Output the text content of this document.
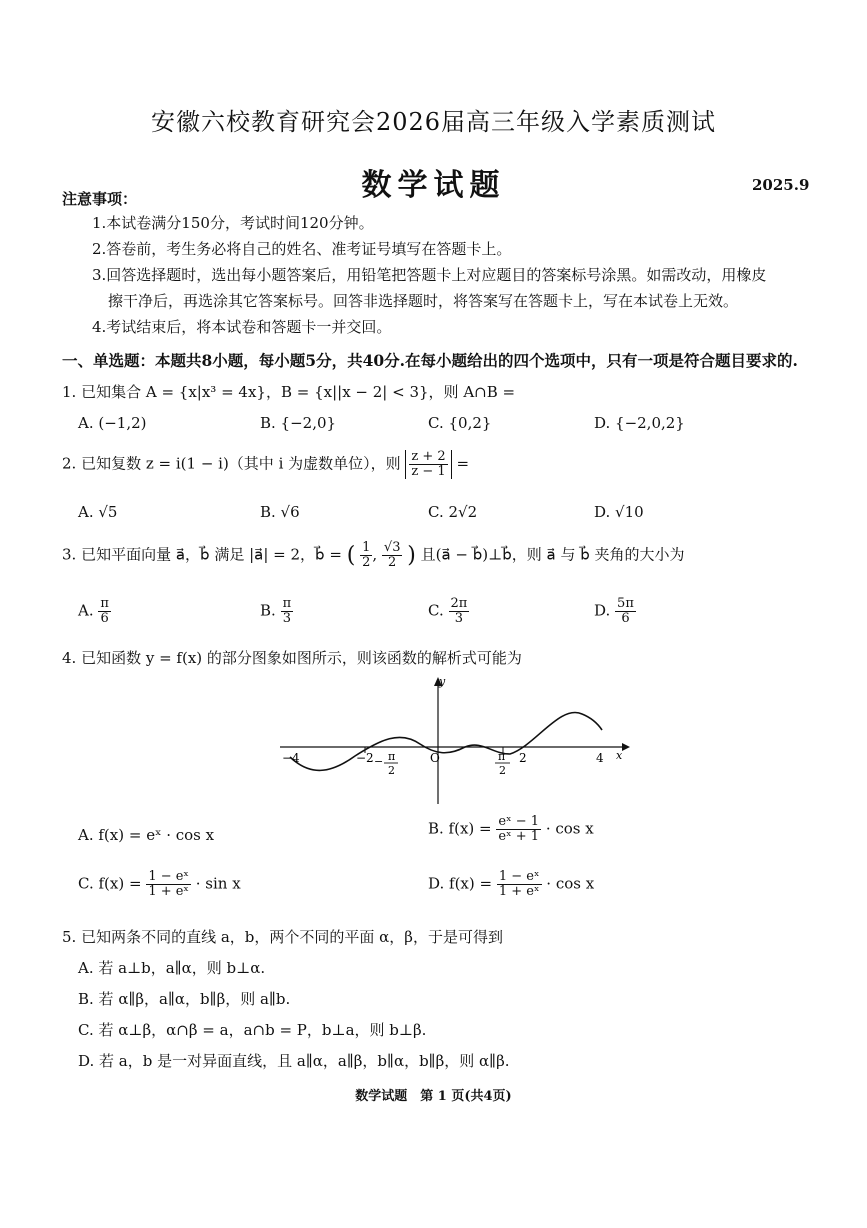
安徽六校教育研究会2026届高三年级入学素质测试
数学试题	2025.9
注意事项：
1.本试卷满分150分，考试时间120分钟。
2.答卷前，考生务必将自己的姓名、准考证号填写在答题卡上。
3.回答选择题时，选出每小题答案后，用铅笔把答题卡上对应题目的答案标号涂黑。如需改动，用橡皮
擦干净后，再选涂其它答案标号。回答非选择题时，将答案写在答题卡上，写在本试卷上无效。
4.考试结束后，将本试卷和答题卡一并交回。
一、单选题：本题共8小题，每小题5分，共40分.在每小题给出的四个选项中，只有一项是符合题目要求的.
1. 已知集合 A = {x|x³ = 4x}，B = {x||x − 2| < 3}，则 A∩B =
A. (−1,2)	B. {−2,0}	C. {0,2}	D. {−2,0,2}
2. 已知复数 z = i(1 − i)（其中 i 为虚数单位），则 $\frac{z + 2}{z - 1}$ =
A. √5	B. √6	C. 2√2	D. √10
3. 已知平面向量 a⃗，b⃗ 满足 |a⃗| = 2，b⃗ = ( $\frac{1}{2}$ , $\frac{√3}{2}$ ) 且(a⃗ − b⃗)⊥b⃗，则 a⃗ 与 b⃗ 夹角的大小为
A. $\frac{\pi}{6}$	B. $\frac{\pi}{3}$	C. $\frac{2\pi}{3}$	D. $\frac{5\pi}{6}$
4. 已知函数 y = f(x) 的部分图象如图所示，则该函数的解析式可能为
y
x
O
−4	−2	2	4
− π
2
π
2
A. f(x) = eˣ · cos x	B. $f(x) = \frac{\text{eˣ − 1}}{\text{eˣ + 1}} \cdot \cos x$
C. $f(x) = \frac{\text{1 − eˣ}}{\text{1 + eˣ}} \cdot \sin x$	D. $f(x) = \frac{\text{1 − eˣ}}{\text{1 + eˣ}} \cdot \cos x$
5. 已知两条不同的直线 a，b，两个不同的平面 α，β，于是可得到
A. 若 a⊥b，a∥α，则 b⊥α.
B. 若 α∥β，a∥α，b∥β，则 a∥b.
C. 若 α⊥β，α∩β = a，a∩b = P，b⊥a，则 b⊥β.
D. 若 a，b 是一对异面直线，且 a∥α，a∥β，b∥α，b∥β，则 α∥β.
数学试题　第 1 页(共4页)
